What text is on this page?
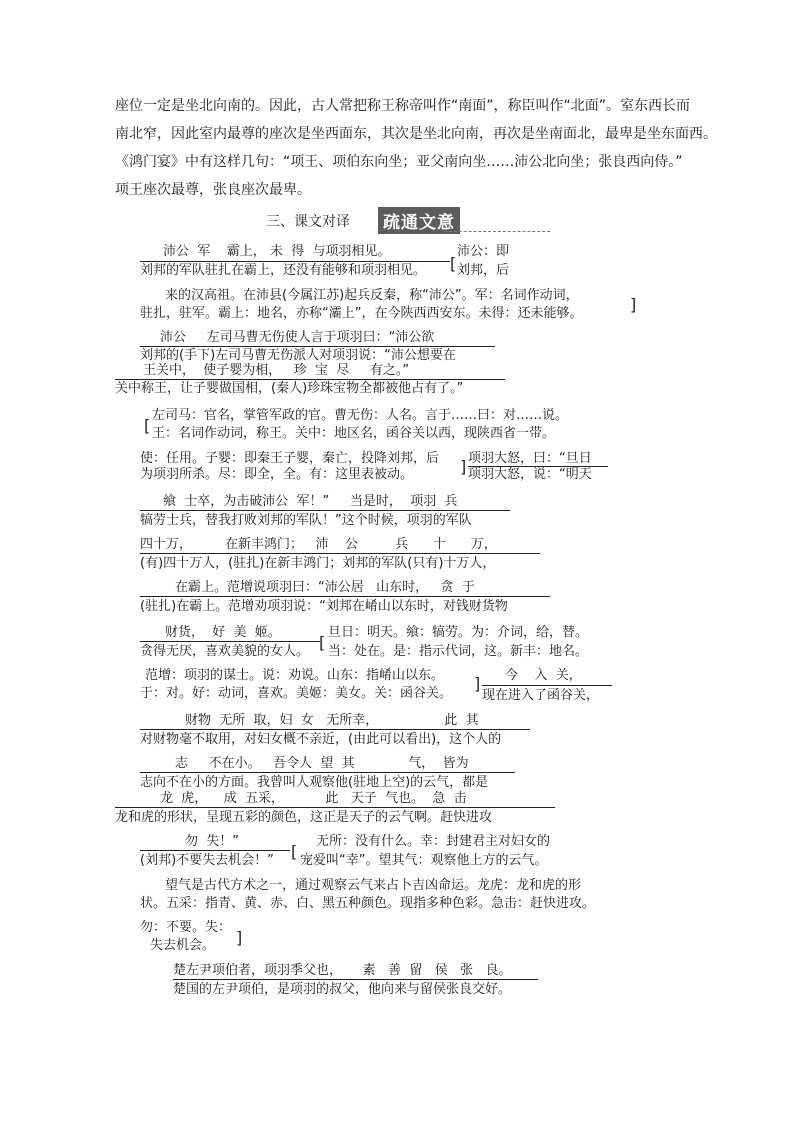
座位一定是坐北向南的。因此，古人常把称王称帝叫作“南面”，称臣叫作“北面”。室东西长而
南北窄，因此室内最尊的座次是坐西面东，其次是坐北向南，再次是坐南面北，最卑是坐东面西。
《鸿门宴》中有这样几句：“项王、项伯东向坐；亚父南向坐……沛公北向坐；张良西向侍。”
项王座次最尊，张良座次最卑。
三、课文对译 疏通文意
沛公  军    霸上， 未  得  与项羽相见。
[
沛公：即
刘邦的军队驻扎在霸上，还没有能够和项羽相见。 刘邦，后
来的汉高祖。在沛县(今属江苏)起兵反秦，称“沛公”。军：名词作动词，
驻扎，驻军。霸上：地名，亦称“灞上”，在今陕西西安东。未得：还未能够。	]
沛公     左司马曹无伤使人言于项羽曰：“沛公欲
刘邦的(手下)左司马曹无伤派人对项羽说：“沛公想要在
王关中，  使子婴为相，   珍  宝  尽     有之。”
关中称王，让子婴做国相，(秦人)珍珠宝物全都被他占有了。”
[
左司马：官名，掌管军政的官。曹无伤：人名。言于……曰：对……说。
王：名词作动词，称王。关中：地区名，函谷关以西，现陕西省一带。
使：任用。子婴：即秦王子婴，秦亡，投降刘邦，后
为项羽所杀。尽：即全，全。有：这里表被动。	] 项羽大怒，曰：“旦日
项羽大怒，说：“明天
飨  士卒，为击破沛公  军！”     当是时，  项羽  兵
犒劳士兵，替我打败刘邦的军队！”这个时候，项羽的军队
四十万，        在新丰鸿门；   沛    公         兵      十      万，
(有)四十万人，(驻扎)在新丰鸿门；刘邦的军队(只有)十万人，
在霸上。范增说项羽曰：“沛公居   山东时，   贪  于
(驻扎)在霸上。范增劝项羽说：“刘邦在崤山以东时，对钱财货物
财货，  好  美  姬。
贪得无厌，喜欢美貌的女人。 [
旦日：明天。飨：犒劳。为：介词，给，替。
当：处在。是：指示代词，这。新丰：地名。
范增：项羽的谋士。说：劝说。山东：指崤山以东。
于：对。好：动词，喜欢。美姬：美女。关：函谷关。
] 今    入  关，
现在进入了函谷关，
财物  无所  取，妇  女   无所幸，                此  其
对财物毫不取用，对妇女概不亲近，(由此可以看出)，这个人的
志     不在小。   吾令人  望  其             气，  皆为
志向不在小的方面。我曾叫人观察他(驻地上空)的云气，都是
龙  虎，    成  五采，          此   天子  气也。  急  击
龙和虎的形状，呈现五彩的颜色，这正是天子的云气啊。赶快进攻
勿  失！”
(刘邦)不要失去机会！” [
无所：没有什么。幸：封建君主对妇女的
宠爱叫“幸”。望其气：观察他上方的云气。
望气是古代方术之一，通过观察云气来占卜吉凶命运。龙虎：龙和虎的形
状。五采：指青、黄、赤、白、黑五种颜色。现指多种色彩。急击：赶快进攻。
勿：不要。失：
失去机会。 ]
楚左尹项伯者，项羽季父也，     素   善  留   侯   张   良。
楚国的左尹项伯，是项羽的叔父，他向来与留侯张良交好。
